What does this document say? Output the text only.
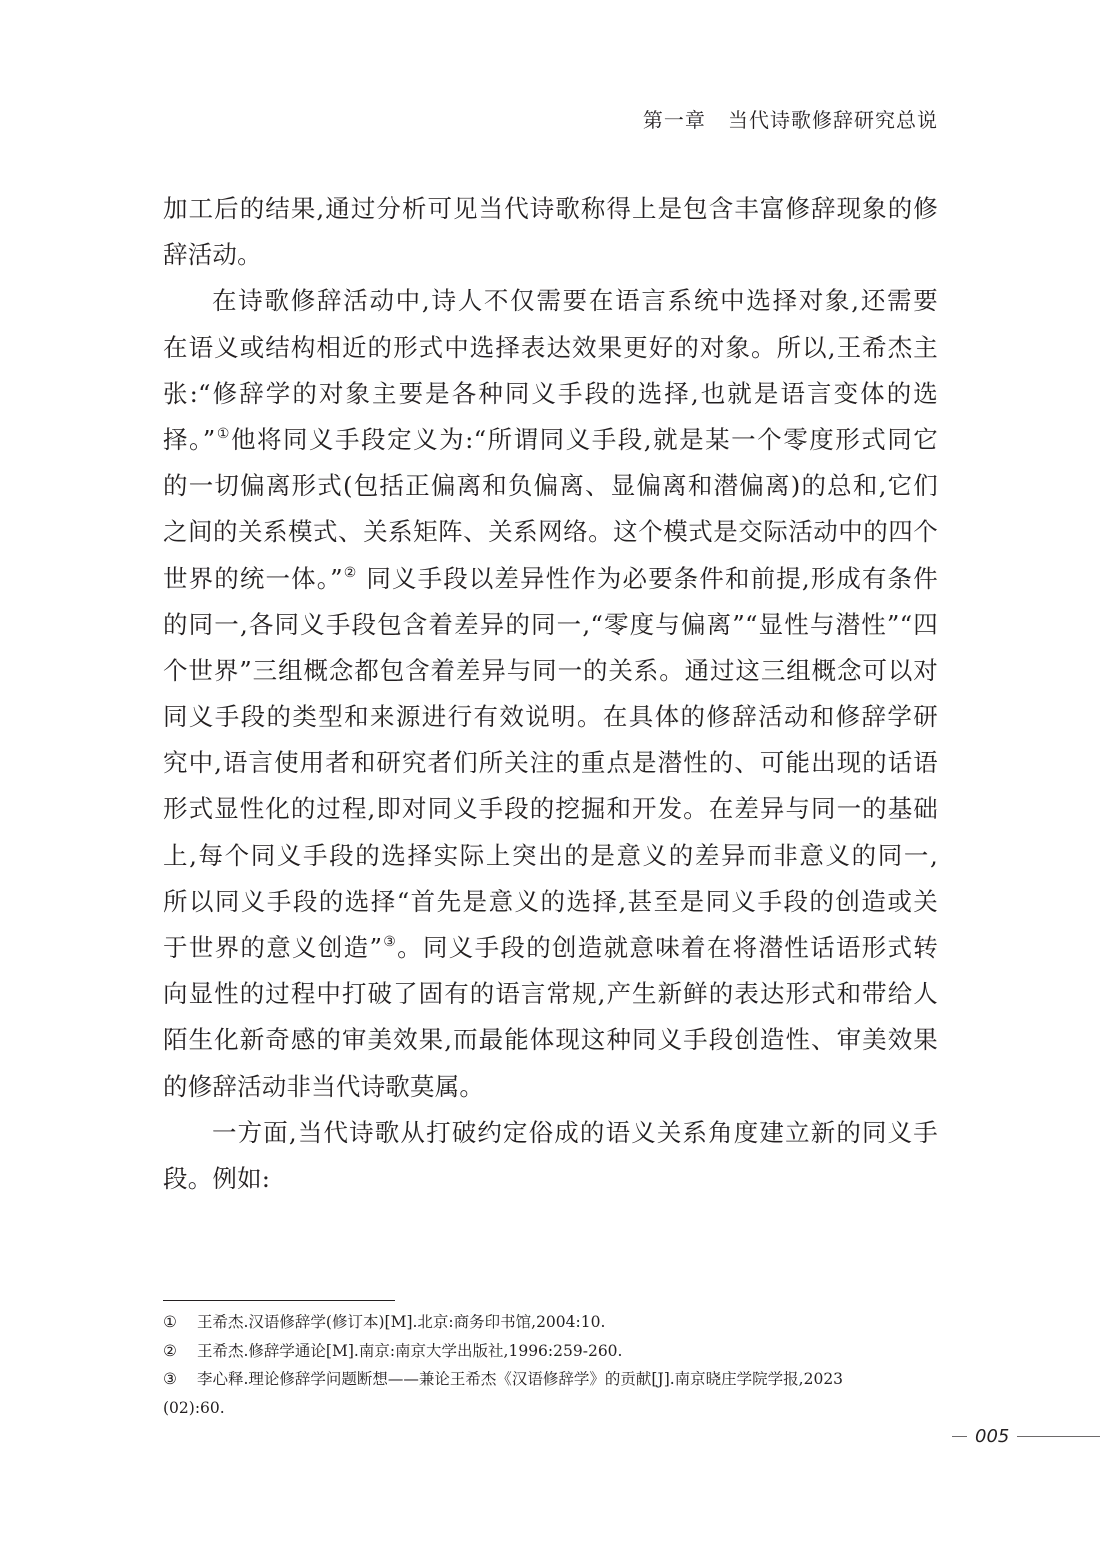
第一章 当代诗歌修辞研究总说
加工后的结果,通过分析可见当代诗歌称得上是包含丰富修辞现象的修
辞活动。
在诗歌修辞活动中,诗人不仅需要在语言系统中选择对象,还需要
在语义或结构相近的形式中选择表达效果更好的对象。所以,王希杰主
张:“修辞学的对象主要是各种同义手段的选择,也就是语言变体的选
择。”①他将同义手段定义为:“所谓同义手段,就是某一个零度形式同它
的一切偏离形式(包括正偏离和负偏离、显偏离和潜偏离)的总和,它们
之间的关系模式、关系矩阵、关系网络。这个模式是交际活动中的四个
世界的统一体。”② 同义手段以差异性作为必要条件和前提,形成有条件
的同一,各同义手段包含着差异的同一,“零度与偏离”“显性与潜性”“四
个世界”三组概念都包含着差异与同一的关系。通过这三组概念可以对
同义手段的类型和来源进行有效说明。在具体的修辞活动和修辞学研
究中,语言使用者和研究者们所关注的重点是潜性的、可能出现的话语
形式显性化的过程,即对同义手段的挖掘和开发。在差异与同一的基础
上,每个同义手段的选择实际上突出的是意义的差异而非意义的同一,
所以同义手段的选择“首先是意义的选择,甚至是同义手段的创造或关
于世界的意义创造”③。同义手段的创造就意味着在将潜性话语形式转
向显性的过程中打破了固有的语言常规,产生新鲜的表达形式和带给人
陌生化新奇感的审美效果,而最能体现这种同义手段创造性、审美效果
的修辞活动非当代诗歌莫属。
一方面,当代诗歌从打破约定俗成的语义关系角度建立新的同义手
段。例如:
① 王希杰.汉语修辞学(修订本)[M].北京:商务印书馆,2004:10.
② 王希杰.修辞学通论[M].南京:南京大学出版社,1996:259-260.
③ 李心释.理论修辞学问题断想——兼论王希杰《汉语修辞学》的贡献[J].南京晓庄学院学报,2023
(02):60.
005
